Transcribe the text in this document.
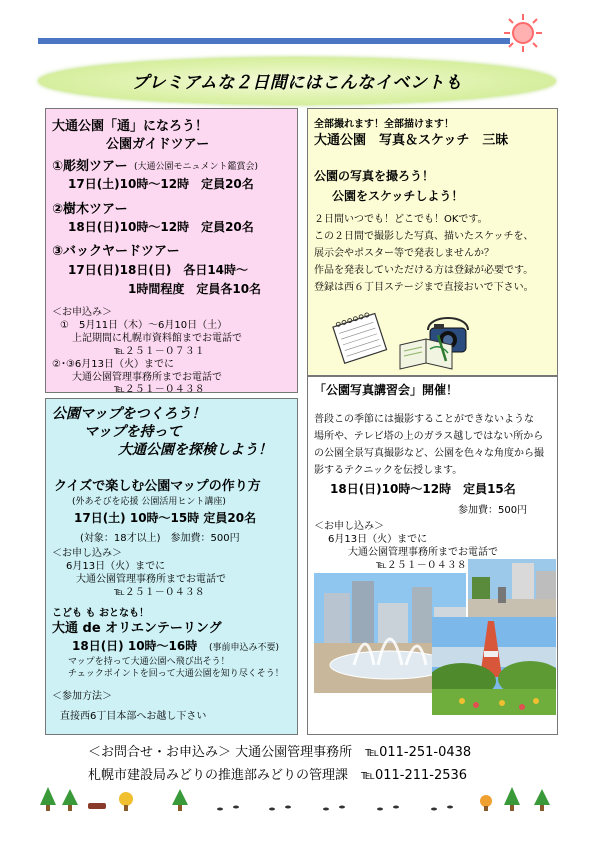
プレミアムな２日間にはこんなイベントも
大通公園「通」になろう！
公園ガイドツアー
①彫刻ツアー (大通公園モニュメント鑑賞会)
17日(土)10時～12時　定員20名
②樹木ツアー
18日(日)10時～12時　定員20名
③バックヤードツアー
17日(日)18日(日)　各日14時～
1時間程度　定員各10名
＜お申込み＞
①　5月11日（木）～6月10日（土）
上記期間に札幌市資料館までお電話で
℡２５１－０７３１
②･③6月13日（火）までに
大通公園管理事務所までお電話で
℡２５１－０４３８
公園マップをつくろう！
マップを持って
大通公園を探検しよう！
クイズで楽しむ公園マップの作り方
(外あそびを応援 公園活用ヒント講座)
17日(土) 10時～15時 定員20名
(対象：18才以上)　参加費：500円
＜お申し込み＞
6月13日（火）までに
大通公園管理事務所までお電話で
℡２５１－０４３８
こども も おとなも！
大通 de オリエンテーリング
18日(日) 10時～16時 (事前申込み不要)
マップを持って大通公園へ飛び出そう！
チェックポイントを回って大通公園を知り尽くそう！
＜参加方法＞
直接西6丁目本部へお越し下さい
全部撮れます！全部描けます！
大通公園　写真＆スケッチ　三昧
公園の写真を撮ろう！
公園をスケッチしよう！
２日間いつでも！どこでも！OKです。
この２日間で撮影した写真、描いたスケッチを、
展示会やポスター等で発表しませんか？
作品を発表していただける方は登録が必要です。
登録は西６丁目ステージまで直接おいで下さい。
「公園写真講習会」開催！
普段この季節には撮影することができないような
場所や、テレビ塔の上のガラス越しではない所から
の公園全景写真撮影など、公園を色々な角度から撮
影するテクニックを伝授します。
18日(日)10時～12時　定員15名
参加費：500円
＜お申し込み＞
6月13日（火）までに
大通公園管理事務所までお電話で
℡２５１－０４３８
＜お問合せ・お申込み＞ 大通公園管理事務所　℡011-251-0438
札幌市建設局みどりの推進部みどりの管理課　℡011-211-2536
